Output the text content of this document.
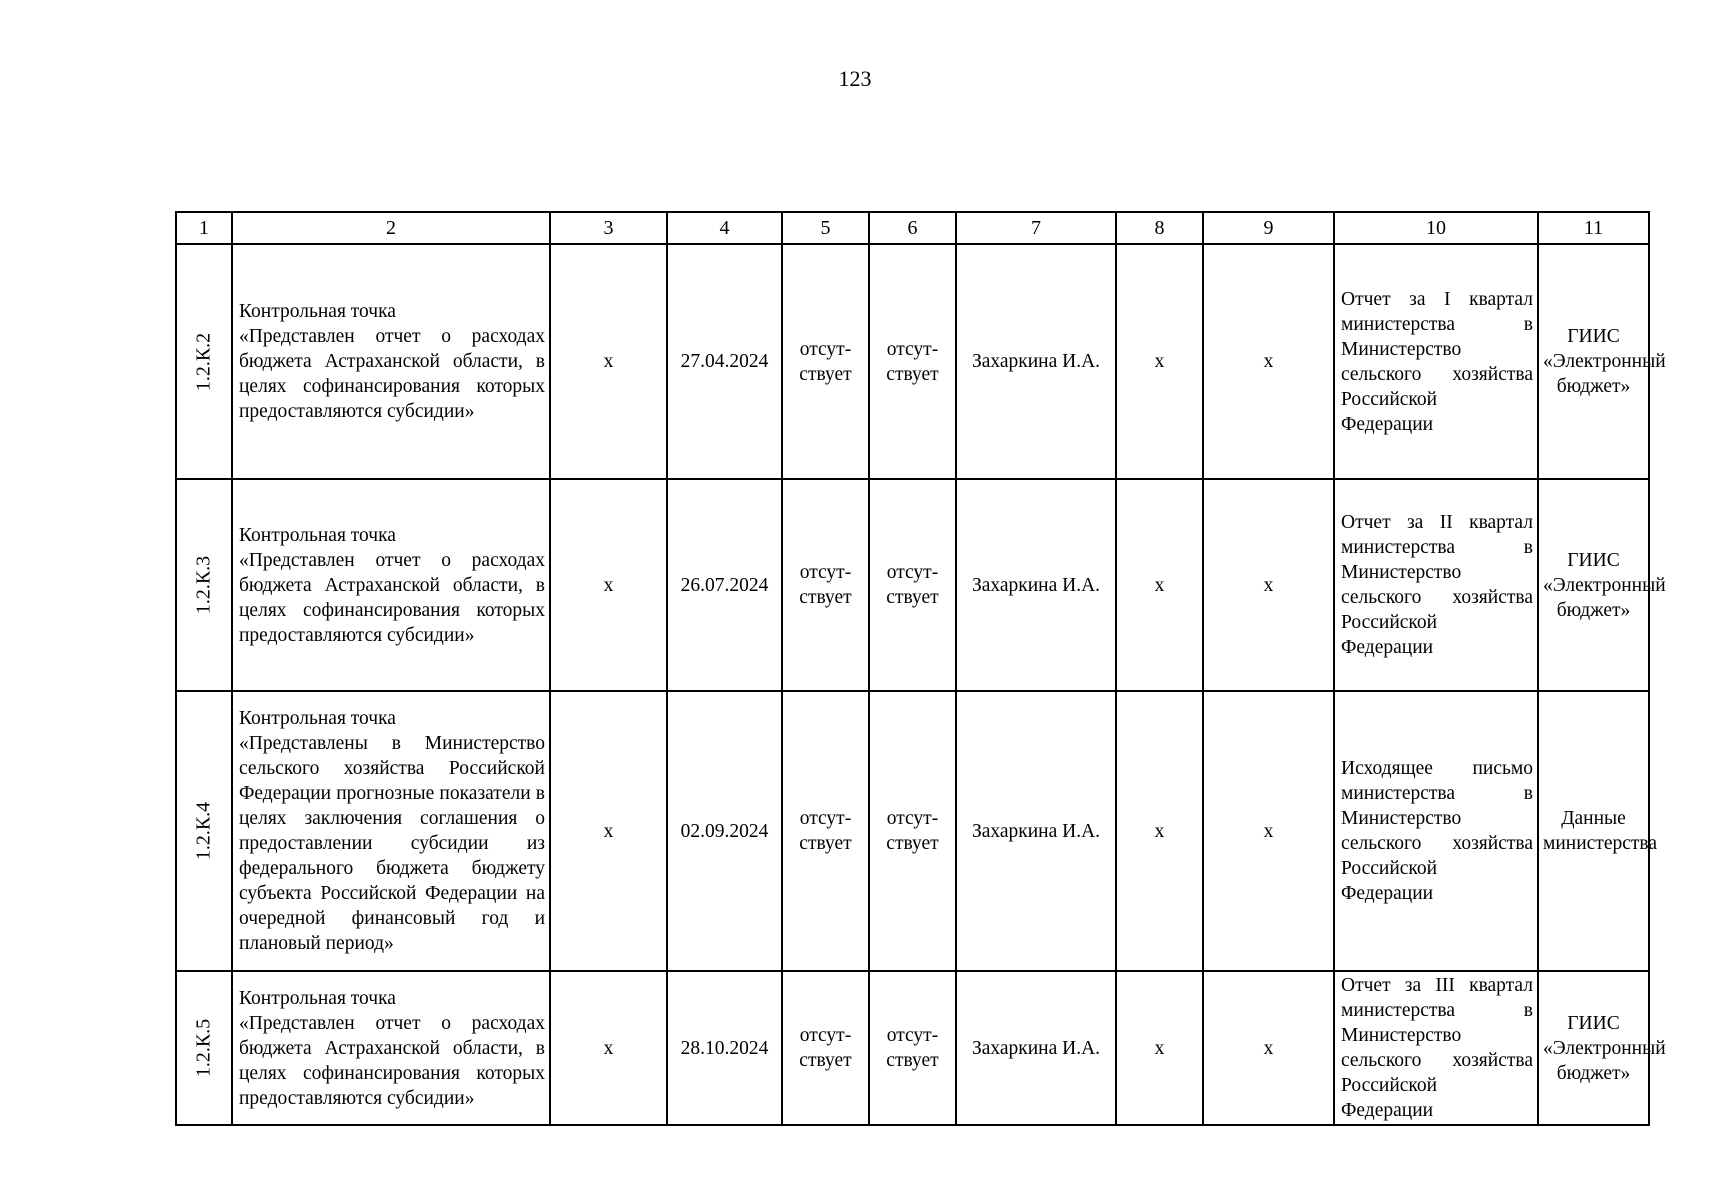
123
1	2	3	4	5	6	7	8	9	10	11

1.2.К.2	Контрольная точка
«Представлен отчет о расходах бюджета Астраханской области, в целях софинансирования которых предоставляются субсидии»	х	27.04.2024	отсут-
ствует	отсут-
ствует	Захаркина И.А.	х	х	Отчет за I квартал министерства в Министерство сельского хозяйства Российской Федерации	ГИИС «Электронный бюджет»

1.2.К.3	Контрольная точка
«Представлен отчет о расходах бюджета Астраханской области, в целях софинансирования которых предоставляются субсидии»	х	26.07.2024	отсут-
ствует	отсут-
ствует	Захаркина И.А.	х	х	Отчет за II квартал министерства в Министерство сельского хозяйства Российской Федерации	ГИИС «Электронный бюджет»

1.2.К.4	Контрольная точка
«Представлены в Министерство сельского хозяйства Российской Федерации прогнозные показатели в целях заключения соглашения о предоставлении субсидии из федерального бюджета бюджету субъекта Российской Федерации на очередной финансовый год и плановый период»	х	02.09.2024	отсут-
ствует	отсут-
ствует	Захаркина И.А.	х	х	Исходящее письмо министерства в Министерство сельского хозяйства Российской Федерации	Данные министерства

1.2.К.5	Контрольная точка
«Представлен отчет о расходах бюджета Астраханской области, в целях софинансирования которых предоставляются субсидии»	х	28.10.2024	отсут-
ствует	отсут-
ствует	Захаркина И.А.	х	х	Отчет за III квартал министерства в Министерство сельского хозяйства Российской Федерации	ГИИС «Электронный бюджет»
